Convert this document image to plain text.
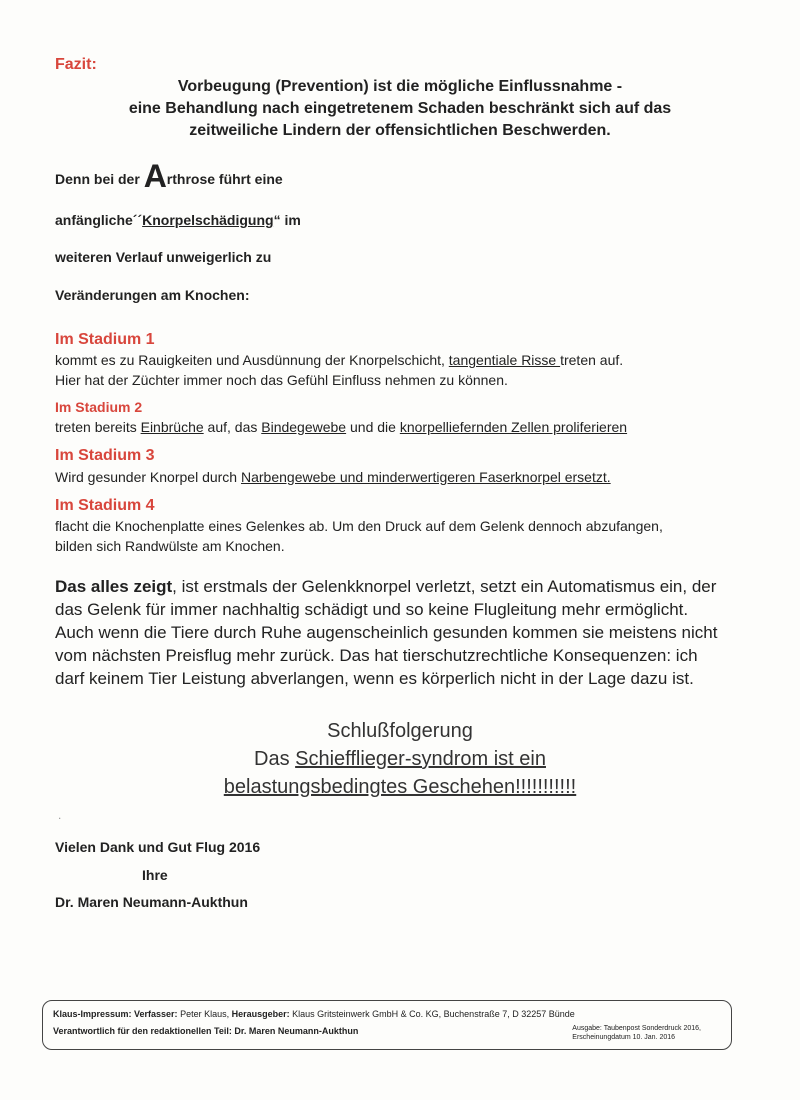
Fazit:
Vorbeugung (Prevention) ist die mögliche Einflussnahme -
eine Behandlung nach eingetretenem Schaden beschränkt sich auf das
zeitweiliche Lindern der offensichtlichen Beschwerden.
Denn bei der Arthrose führt eine
anfängliche´´Knorpelschädigung“ im
weiteren Verlauf unweigerlich zu
Veränderungen am Knochen:
Im Stadium 1
kommt es zu Rauigkeiten und Ausdünnung der Knorpelschicht, tangentiale Risse treten auf.
Hier hat der Züchter immer noch das Gefühl Einfluss nehmen zu können.
Im Stadium 2
treten bereits Einbrüche auf, das Bindegewebe und die knorpelliefernden Zellen proliferieren
Im Stadium 3
Wird gesunder Knorpel durch Narbengewebe und minderwertigeren Faserknorpel ersetzt.
Im Stadium 4
flacht die Knochenplatte eines Gelenkes ab. Um den Druck auf dem Gelenk dennoch abzufangen,
bilden sich Randwülste am Knochen.
Das alles zeigt, ist erstmals der Gelenkknorpel verletzt, setzt ein Automatismus ein, der das Gelenk für immer nachhaltig schädigt und so keine Flugleitung mehr ermöglicht. Auch wenn die Tiere durch Ruhe augenscheinlich gesunden kommen sie meistens nicht vom nächsten Preisflug mehr zurück. Das hat tierschutzrechtliche Konsequenzen: ich darf keinem Tier Leistung abverlangen, wenn es körperlich nicht in der Lage dazu ist.
Schlußfolgerung
Das Schiefflieger-syndrom ist ein
belastungsbedingtes Geschehen!!!!!!!!!!!
.
Vielen Dank und Gut Flug 2016
Ihre
Dr. Maren Neumann-Aukthun
Klaus-Impressum: Verfasser: Peter Klaus, Herausgeber: Klaus Gritsteinwerk GmbH & Co. KG, Buchenstraße 7, D 32257 Bünde
Verantwortlich für den redaktionellen Teil: Dr. Maren Neumann-Aukthun	Ausgabe: Taubenpost Sonderdruck 2016,
Erscheinungdatum 10. Jan. 2016
